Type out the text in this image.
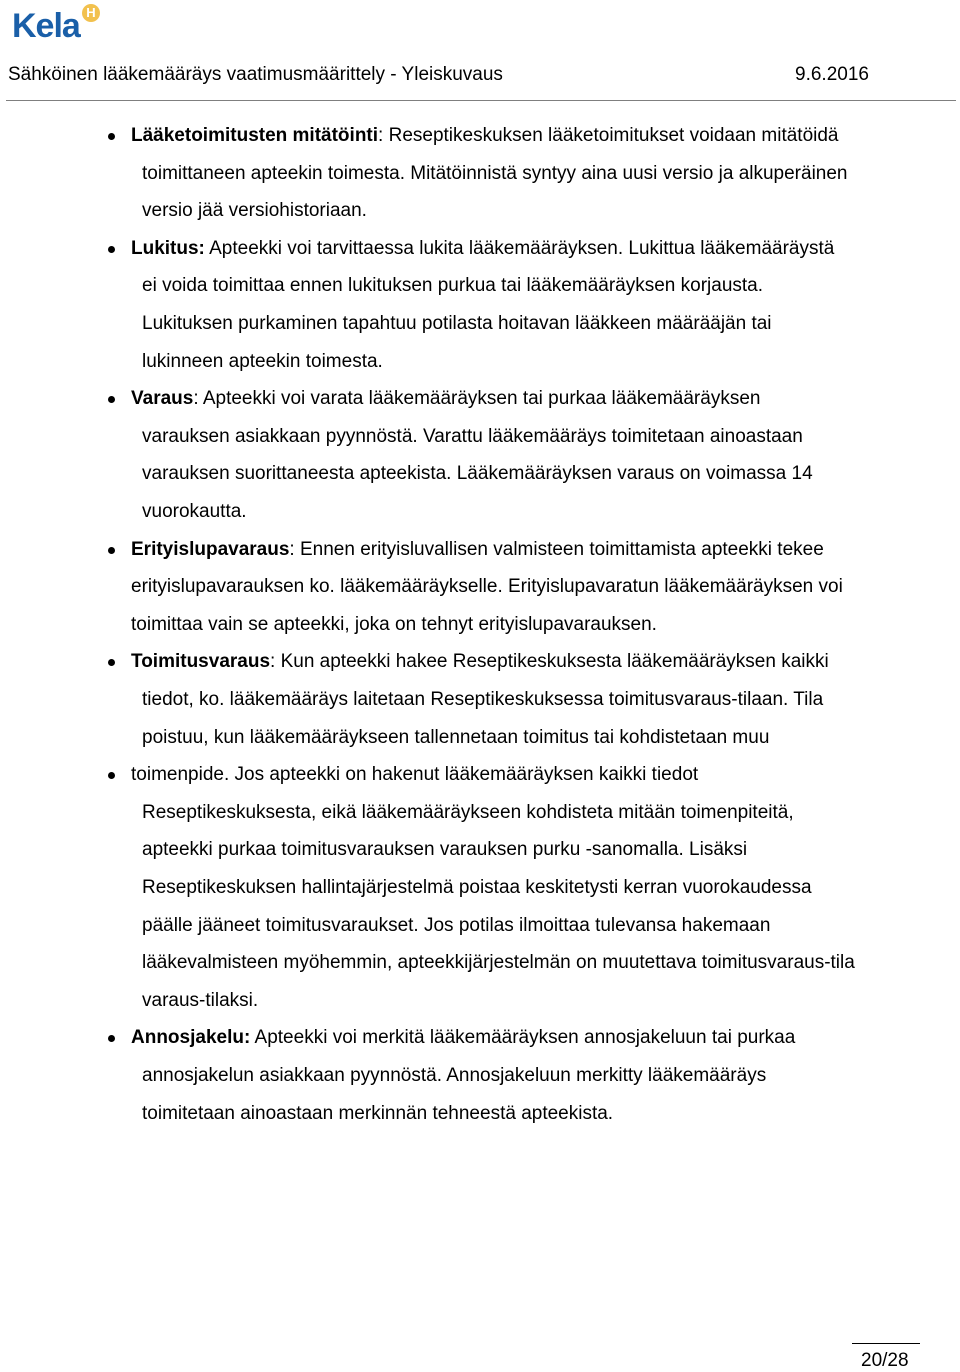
Kela H
Sähköinen lääkemääräys vaatimusmäärittely - Yleiskuvaus	9.6.2016
Lääketoimitusten mitätöinti: Reseptikeskuksen lääketoimitukset voidaan mitätöidä
toimittaneen apteekin toimesta. Mitätöinnistä syntyy aina uusi versio ja alkuperäinen
versio jää versiohistoriaan.
Lukitus: Apteekki voi tarvittaessa lukita lääkemääräyksen. Lukittua lääkemääräystä
ei voida toimittaa ennen lukituksen purkua tai lääkemääräyksen korjausta.
Lukituksen purkaminen tapahtuu potilasta hoitavan lääkkeen määrääjän tai
lukinneen apteekin toimesta.
Varaus: Apteekki voi varata lääkemääräyksen tai purkaa lääkemääräyksen
varauksen asiakkaan pyynnöstä. Varattu lääkemääräys toimitetaan ainoastaan
varauksen suorittaneesta apteekista. Lääkemääräyksen varaus on voimassa 14
vuorokautta.
Erityislupavaraus: Ennen erityisluvallisen valmisteen toimittamista apteekki tekee
erityislupavarauksen ko. lääkemääräykselle. Erityislupavaratun lääkemääräyksen voi
toimittaa vain se apteekki, joka on tehnyt erityislupavarauksen.
Toimitusvaraus: Kun apteekki hakee Reseptikeskuksesta lääkemääräyksen kaikki
tiedot, ko. lääkemääräys laitetaan Reseptikeskuksessa toimitusvaraus-tilaan. Tila
poistuu, kun lääkemääräykseen tallennetaan toimitus tai kohdistetaan muu
toimenpide. Jos apteekki on hakenut lääkemääräyksen kaikki tiedot
Reseptikeskuksesta, eikä lääkemääräykseen kohdisteta mitään toimenpiteitä,
apteekki purkaa toimitusvarauksen varauksen purku -sanomalla. Lisäksi
Reseptikeskuksen hallintajärjestelmä poistaa keskitetysti kerran vuorokaudessa
päälle jääneet toimitusvaraukset. Jos potilas ilmoittaa tulevansa hakemaan
lääkevalmisteen myöhemmin, apteekkijärjestelmän on muutettava toimitusvaraus-tila
varaus-tilaksi.
Annosjakelu: Apteekki voi merkitä lääkemääräyksen annosjakeluun tai purkaa
annosjakelun asiakkaan pyynnöstä. Annosjakeluun merkitty lääkemääräys
toimitetaan ainoastaan merkinnän tehneestä apteekista.
20/28
